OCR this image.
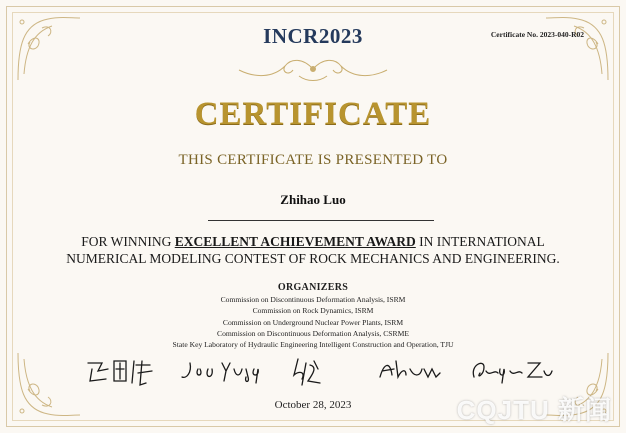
INCR2023	Certificate No. 2023-040-R02
CERTIFICATE
THIS CERTIFICATE IS PRESENTED TO
Zhihao Luo
FOR WINNING EXCELLENT ACHIEVEMENT AWARD IN INTERNATIONAL NUMERICAL MODELING CONTEST OF ROCK MECHANICS AND ENGINEERING.
ORGANIZERS
Commission on Discontinuous Deformation Analysis, ISRM
Commission on Rock Dynamics, ISRM
Commission on Underground Nuclear Power Plants, ISRM
Commission on Discontinuous Deformation Analysis, CSRME
State Key Laboratory of Hydraulic Engineering Intelligent Construction and Operation, TJU
October 28, 2023	CQJTU 新闻
